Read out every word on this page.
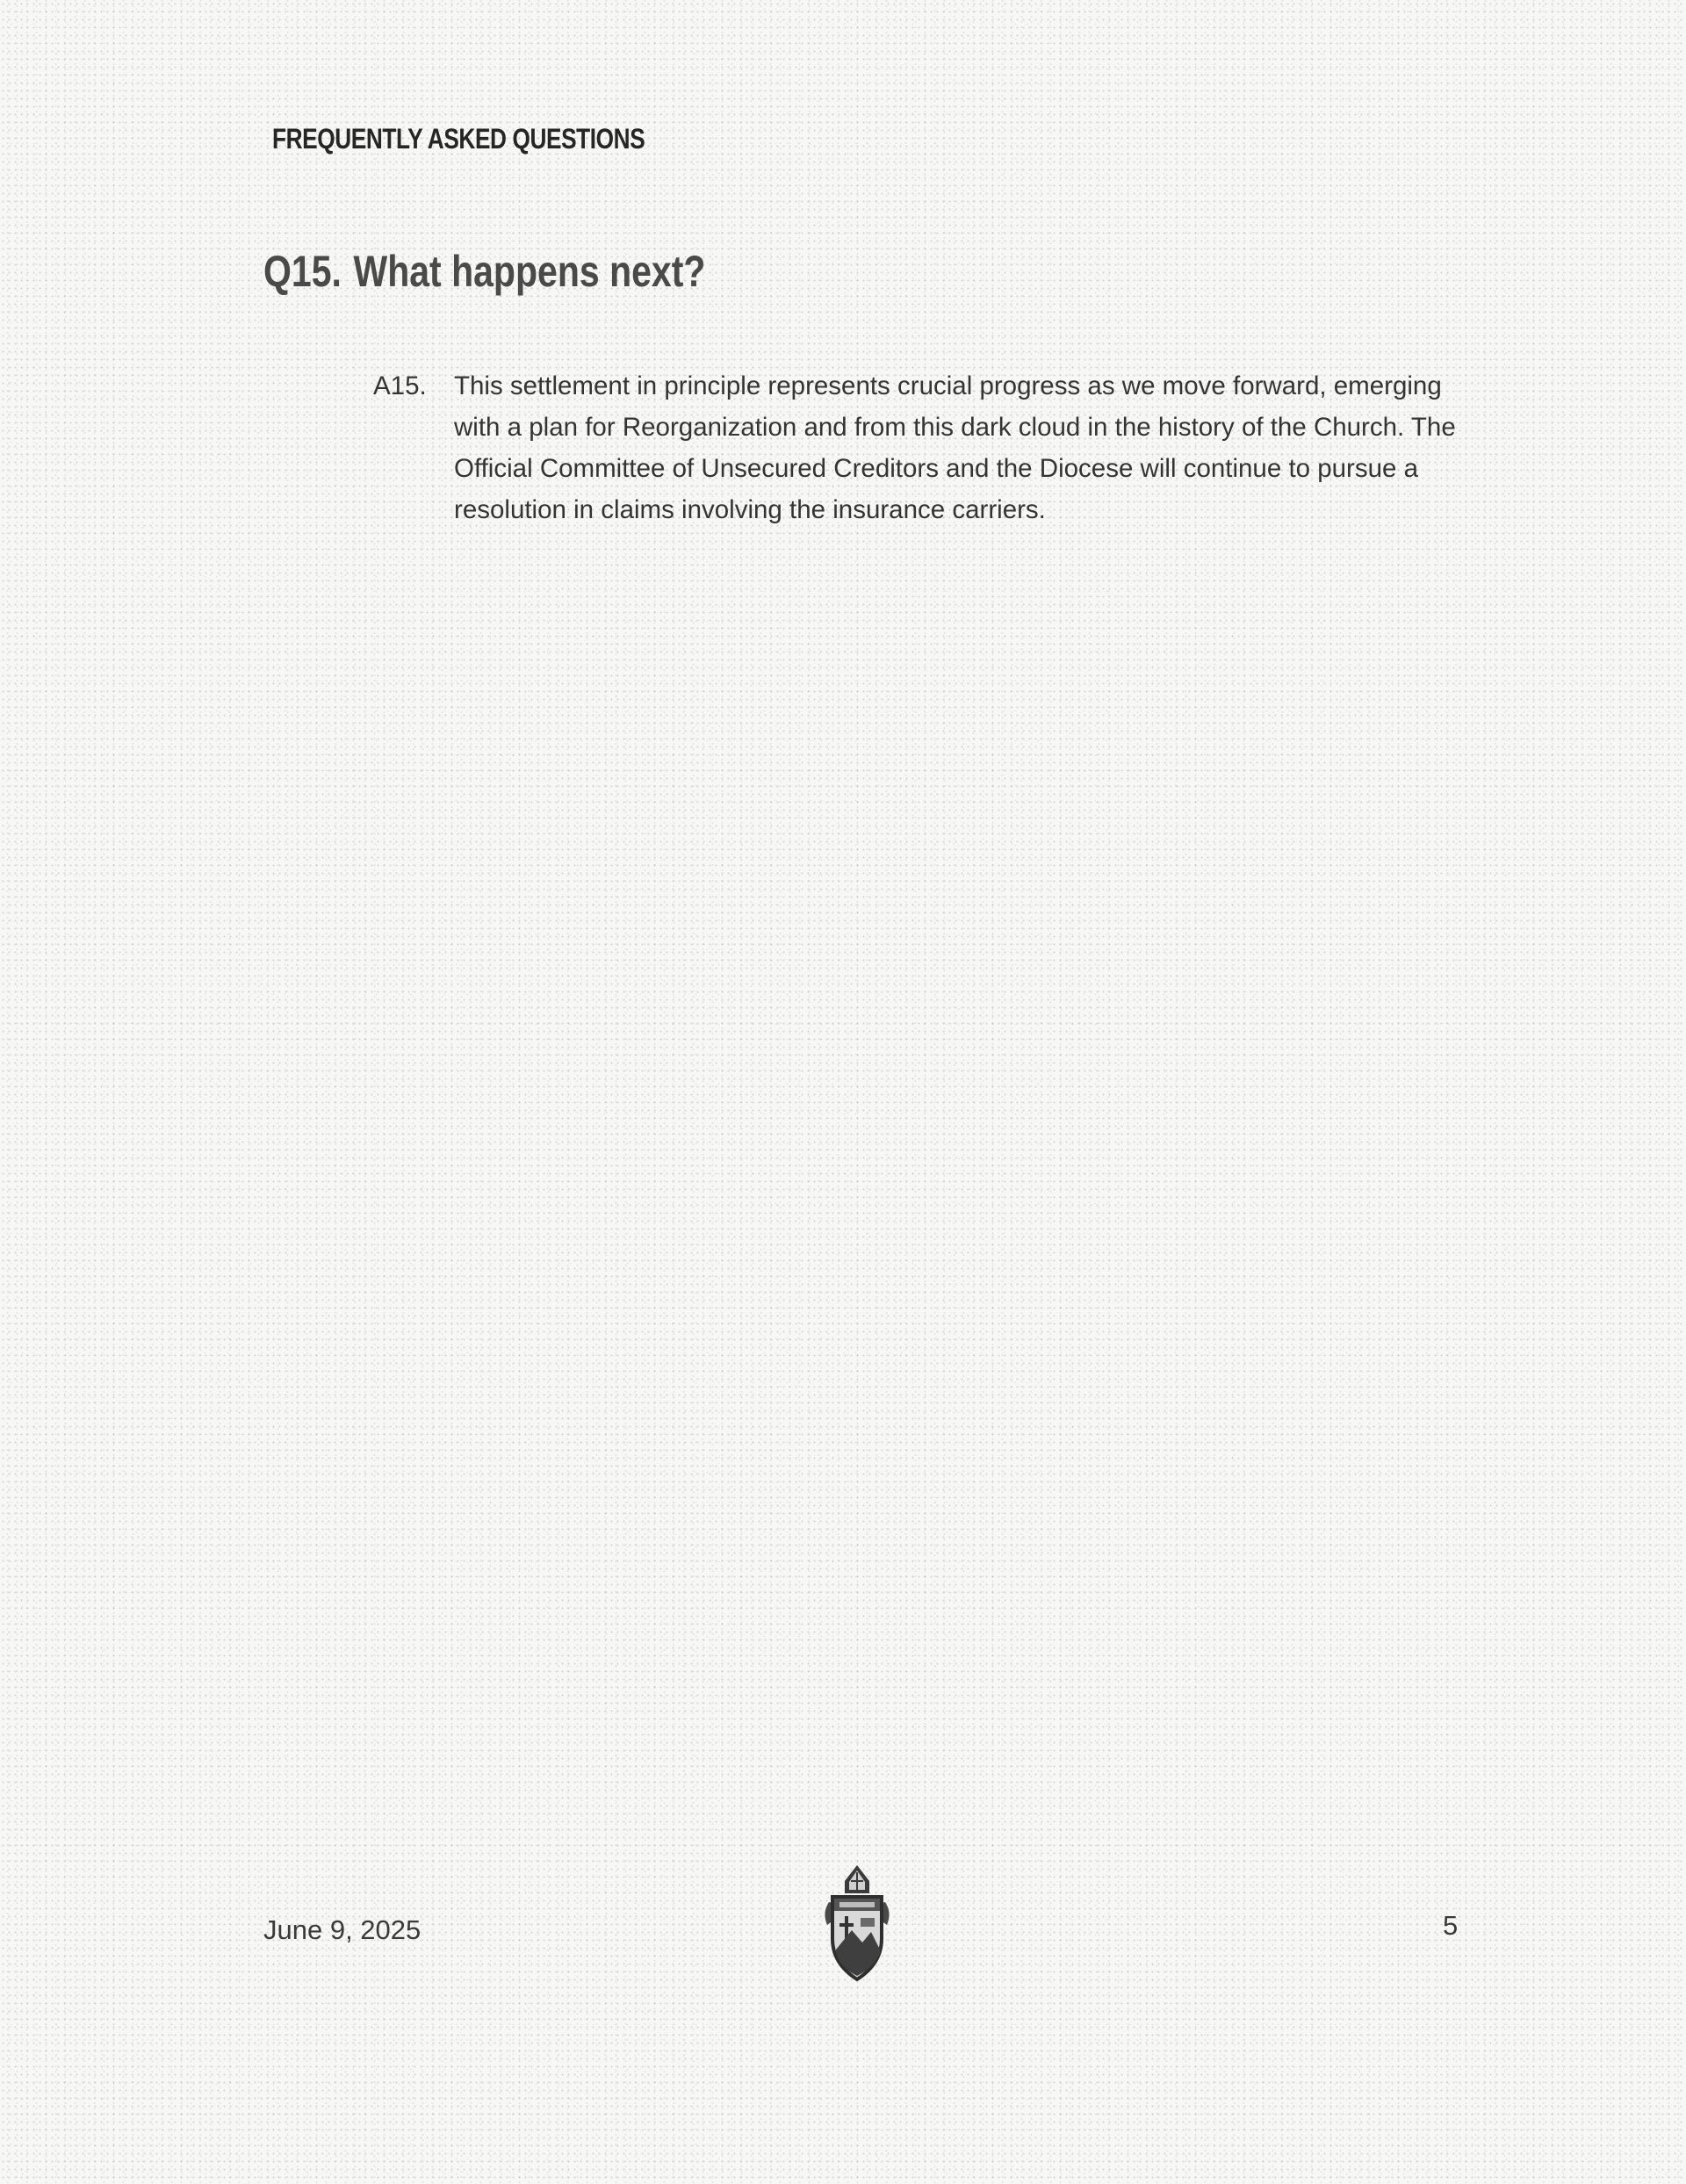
FREQUENTLY ASKED QUESTIONS
Q15. What happens next?
A15.	This settlement in principle represents crucial progress as we move forward, emerging with a plan for Reorganization and from this dark cloud in the history of the Church. The Official Committee of Unsecured Creditors and the Diocese will continue to pursue a resolution in claims involving the insurance carriers.

June 9, 2025	5
